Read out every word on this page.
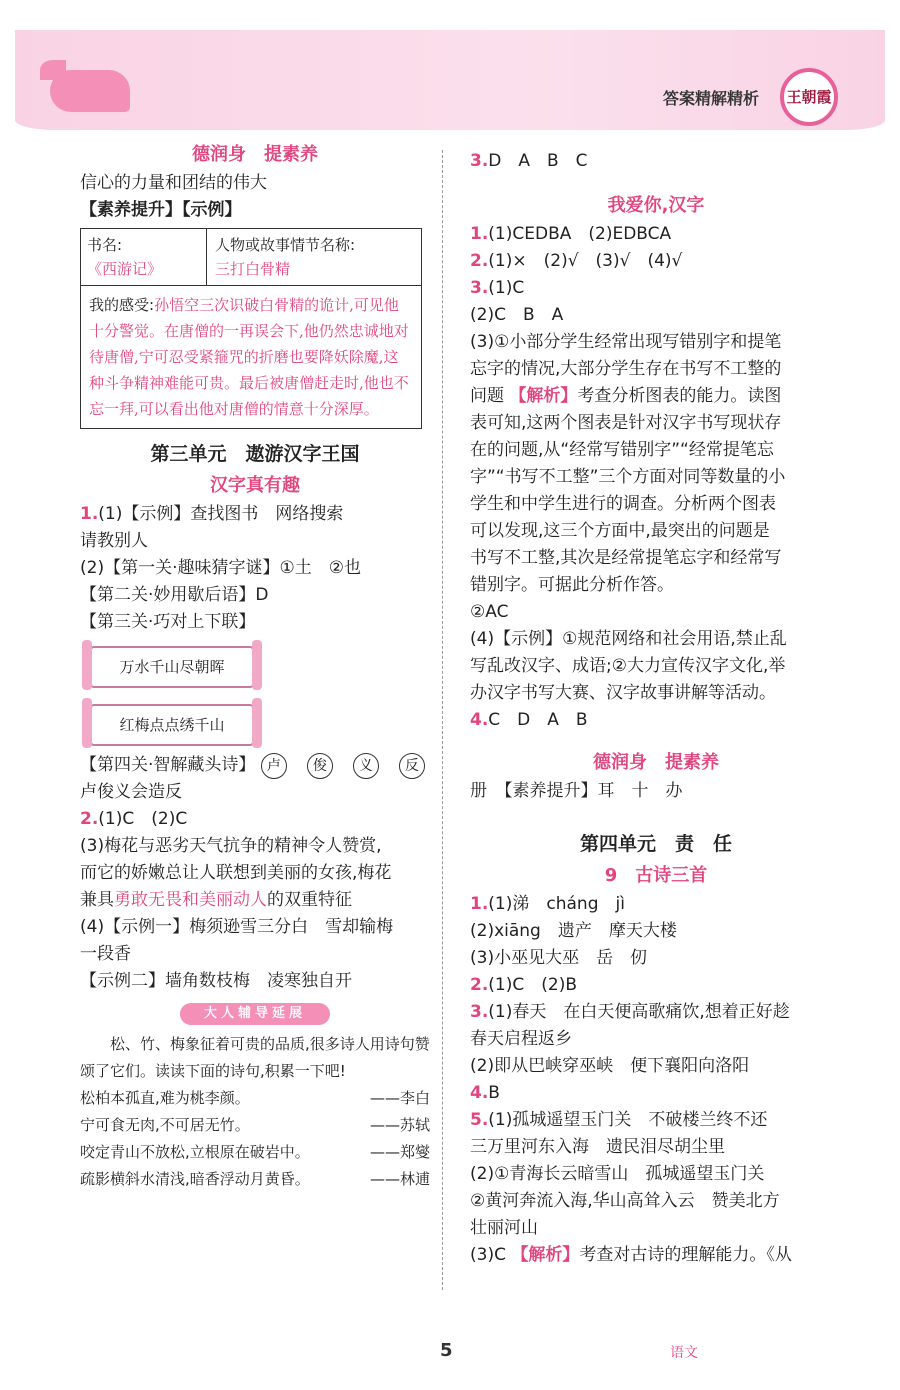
答案精解精析	王朝霞
德润身　提素养
信心的力量和团结的伟大
【素养提升】【示例】
书名:
《西游记》
人物或故事情节名称:
三打白骨精
我的感受:孙悟空三次识破白骨精的诡计,可见他十分警觉。在唐僧的一再误会下,他仍然忠诚地对待唐僧,宁可忍受紧箍咒的折磨也要降妖除魔,这种斗争精神难能可贵。最后被唐僧赶走时,他也不忘一拜,可以看出他对唐僧的情意十分深厚。
第三单元　遨游汉字王国
汉字真有趣
1.(1)【示例】查找图书　网络搜索
请教别人
(2)【第一关·趣味猜字谜】①土　②也
【第二关·妙用歇后语】D
【第三关·巧对上下联】
万水千山尽朝晖
红梅点点绣千山
【第四关·智解藏头诗】 卢 俊 义 反
卢俊义会造反
2.(1)C　(2)C
(3)梅花与恶劣天气抗争的精神令人赞赏,
而它的娇嫩总让人联想到美丽的女孩,梅花
兼具勇敢无畏和美丽动人的双重特征
(4)【示例一】梅须逊雪三分白　雪却输梅
一段香
【示例二】墙角数枝梅　凌寒独自开
大人辅导延展
松、竹、梅象征着可贵的品质,很多诗人用诗句赞颂了它们。读读下面的诗句,积累一下吧!
松柏本孤直,难为桃李颜。	——李白
宁可食无肉,不可居无竹。	——苏轼
咬定青山不放松,立根原在破岩中。	——郑燮
疏影横斜水清浅,暗香浮动月黄昏。	——林逋
3.D　A　B　C
我爱你,汉字
1.(1)CEDBA　(2)EDBCA
2.(1)×　(2)√　(3)√　(4)√
3.(1)C
(2)C　B　A
(3)①小部分学生经常出现写错别字和提笔
忘字的情况,大部分学生存在书写不工整的
问题 【解析】考查分析图表的能力。读图
表可知,这两个图表是针对汉字书写现状存
在的问题,从“经常写错别字”“经常提笔忘
字”“书写不工整”三个方面对同等数量的小
学生和中学生进行的调查。分析两个图表
可以发现,这三个方面中,最突出的问题是
书写不工整,其次是经常提笔忘字和经常写
错别字。可据此分析作答。
②AC
(4)【示例】①规范网络和社会用语,禁止乱
写乱改汉字、成语;②大力宣传汉字文化,举
办汉字书写大赛、汉字故事讲解等活动。
4.C　D　A　B
德润身　提素养
册　【素养提升】耳　十　办
第四单元　责　任
9　古诗三首
1.(1)涕　cháng　jì
(2)xiāng　遗产　摩天大楼
(3)小巫见大巫　岳　仞
2.(1)C　(2)B
3.(1)春天　在白天便高歌痛饮,想着正好趁
春天启程返乡
(2)即从巴峡穿巫峡　便下襄阳向洛阳
4.B
5.(1)孤城遥望玉门关　不破楼兰终不还
三万里河东入海　遗民泪尽胡尘里
(2)①青海长云暗雪山　孤城遥望玉门关
②黄河奔流入海,华山高耸入云　赞美北方
壮丽河山
(3)C 【解析】考查对古诗的理解能力。《从
5	语文
